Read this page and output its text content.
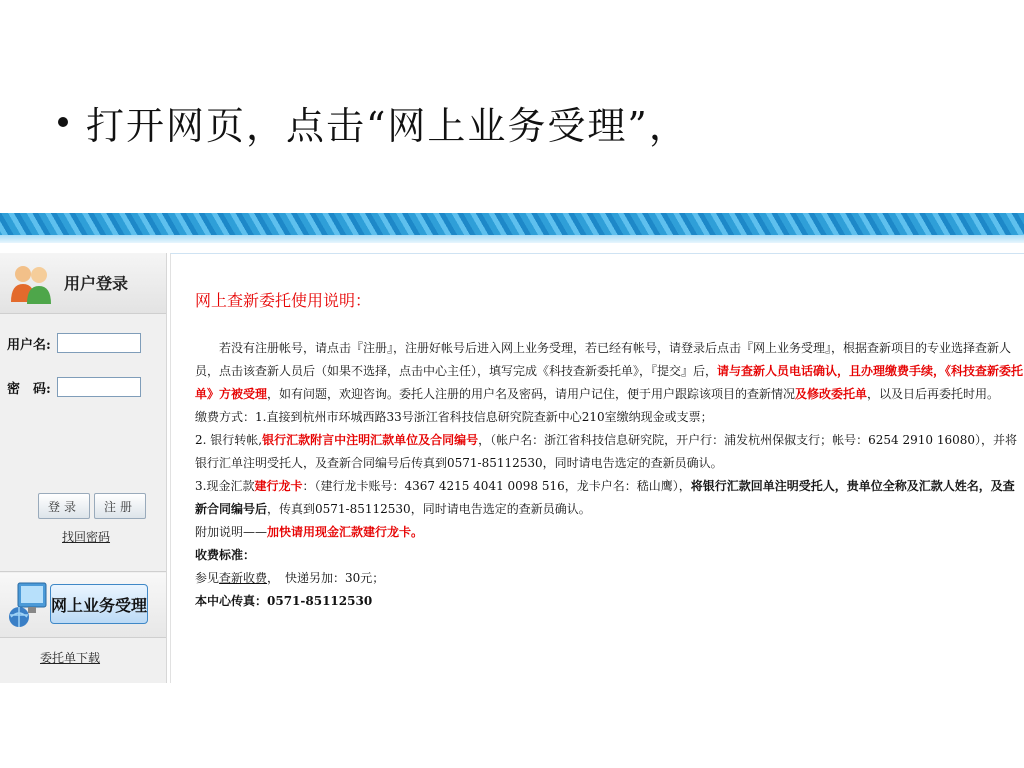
打开网页，点击“网上业务受理”，
用户登录
用户名:
密　码:
登录	注册
找回密码
网上业务受理
委托单下载
网上查新委托使用说明：

若没有注册帐号，请点击『注册』，注册好帐号后进入网上业务受理，若已经有帐号，请登录后点击『网上业务受理』，根据查新项目的专业选择查新人员，点击该查新人员后（如果不选择，点击中心主任），填写完成《科技查新委托单》，『提交』后，请与查新人员电话确认，且办理缴费手续，《科技查新委托单》方被受理，如有问题，欢迎咨询。委托人注册的用户名及密码，请用户记住，便于用户跟踪该项目的查新情况及修改委托单，以及日后再委托时用。

缴费方式：1.直接到杭州市环城西路33号浙江省科技信息研究院查新中心210室缴纳现金或支票；

2. 银行转帐,银行汇款附言中注明汇款单位及合同编号，（帐户名：浙江省科技信息研究院，开户行：浦发杭州保俶支行；帐号：6254 2910 16080），并将银行汇单注明受托人，及查新合同编号后传真到0571-85112530，同时请电告选定的查新员确认。

3.现金汇款建行龙卡：（建行龙卡账号：4367 4215 4041 0098 516，龙卡户名：嵇山鹰），将银行汇款回单注明受托人，贵单位全称及汇款人姓名，及查新合同编号后，传真到0571-85112530，同时请电告选定的查新员确认。

附加说明——加快请用现金汇款建行龙卡。

收费标准：

参见查新收费，　快递另加：30元；

本中心传真：0571-85112530
